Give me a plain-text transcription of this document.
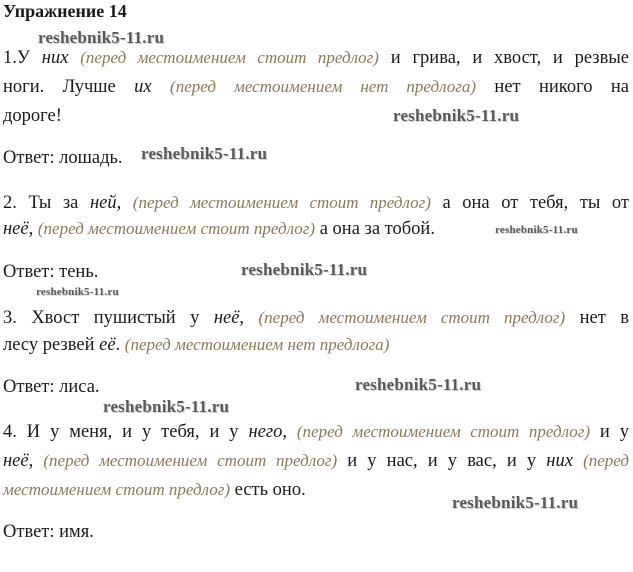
Упражнение 14

1.У них (перед местоимением стоит предлог) и грива, и хвост, и резвые

ноги. Лучше их (перед местоимением нет предлога) нет никого на

дороге!

Ответ: лошадь.

2. Ты за ней, (перед местоимением стоит предлог) а она от тебя, ты от

неё, (перед местоимением стоит предлог) а она за тобой.

Ответ: тень.

3. Хвост пушистый у неё, (перед местоимением стоит предлог) нет в

лесу резвей её. (перед местоимением нет предлога)

Ответ: лиса.

4. И у меня, и у тебя, и у него, (перед местоимением стоит предлог) и у

неё, (перед местоимением стоит предлог) и у нас, и у вас, и у них (перед

местоимением стоит предлог) есть оно.

Ответ: имя.

reshebnik5-11.ru
reshebnik5-11.ru
reshebnik5-11.ru
reshebnik5-11.ru
reshebnik5-11.ru
reshebnik5-11.ru
reshebnik5-11.ru
reshebnik5-11.ru
reshebnik5-11.ru
